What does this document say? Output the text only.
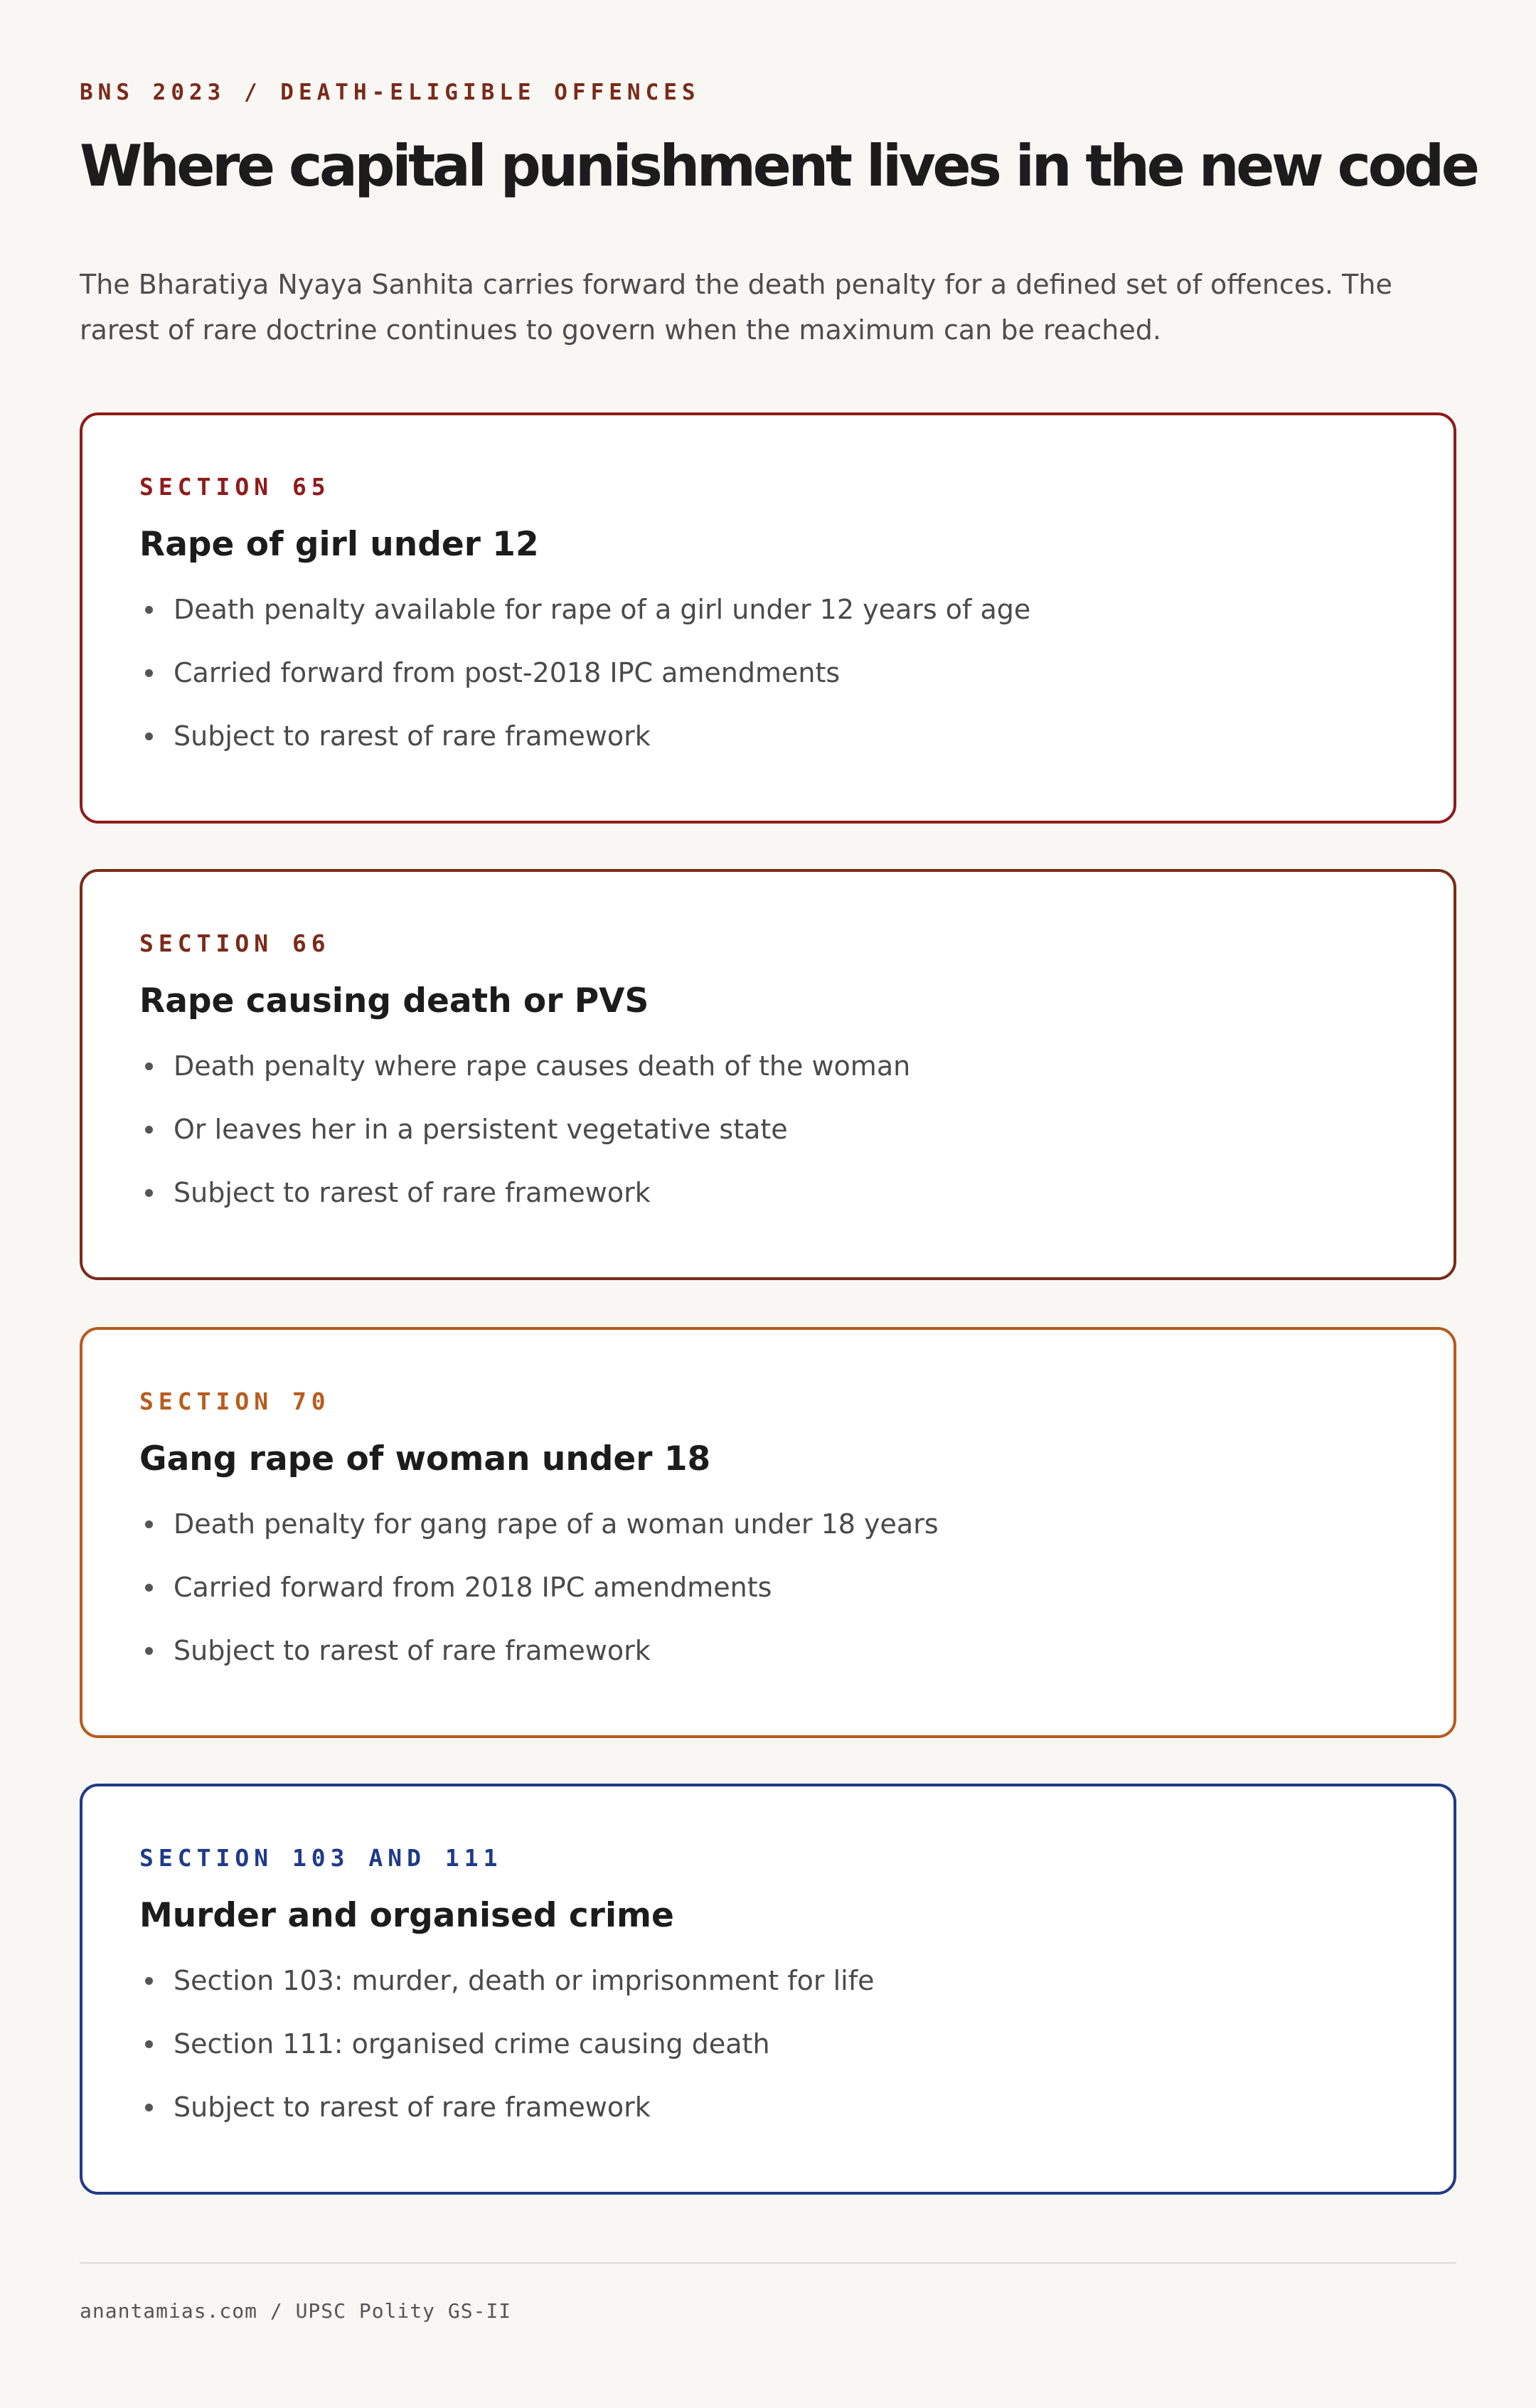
BNS 2023 / DEATH-ELIGIBLE OFFENCES
Where capital punishment lives in the new code

The Bharatiya Nyaya Sanhita carries forward the death penalty for a defined set of offences. The rarest of rare doctrine continues to govern when the maximum can be reached.

SECTION 65
Rape of girl under 12
Death penalty available for rape of a girl under 12 years of age
Carried forward from post-2018 IPC amendments
Subject to rarest of rare framework
SECTION 66
Rape causing death or PVS
Death penalty where rape causes death of the woman
Or leaves her in a persistent vegetative state
Subject to rarest of rare framework
SECTION 70
Gang rape of woman under 18
Death penalty for gang rape of a woman under 18 years
Carried forward from 2018 IPC amendments
Subject to rarest of rare framework
SECTION 103 AND 111
Murder and organised crime
Section 103: murder, death or imprisonment for life
Section 111: organised crime causing death
Subject to rarest of rare framework
anantamias.com / UPSC Polity GS-II
